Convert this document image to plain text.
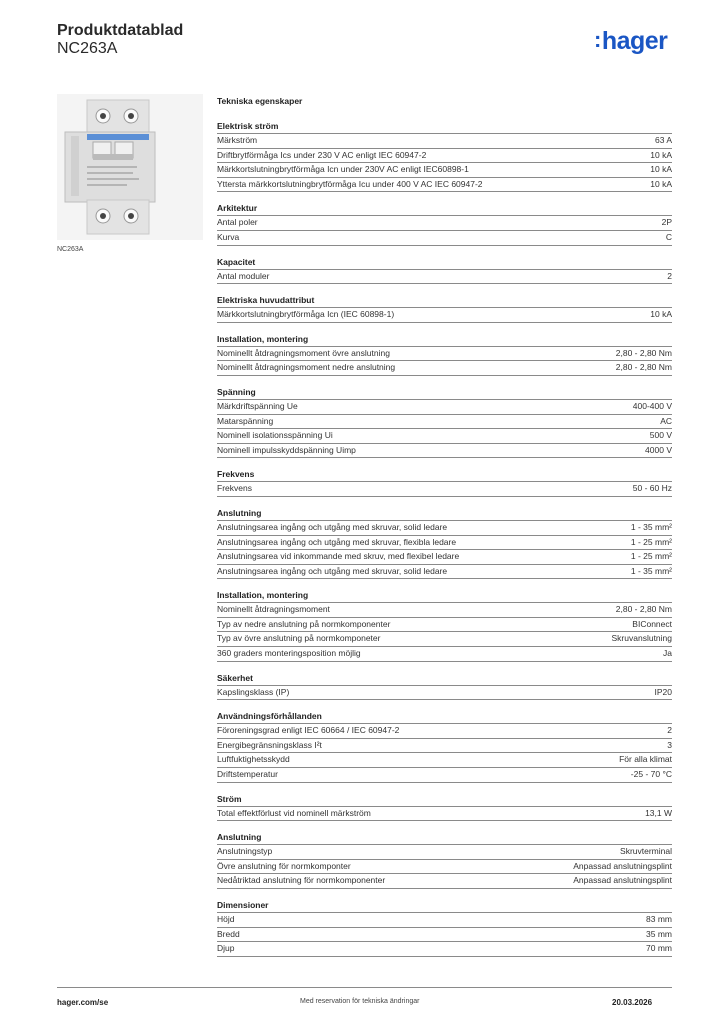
Produktdatablad
NC263A	:hager
NC263A
Tekniska egenskaper
Elektrisk ström
Märkström	63 A
Driftbrytförmåga Ics under 230 V AC enligt IEC 60947-2	10 kA
Märkkortslutningbrytförmåga Icn under 230V AC enligt IEC60898-1	10 kA
Yttersta märkkortslutningbrytförmåga Icu under 400 V AC IEC 60947-2	10 kA
Arkitektur
Antal poler	2P
Kurva	C
Kapacitet
Antal moduler	2
Elektriska huvudattribut
Märkkortslutningbrytförmåga Icn (IEC 60898-1)	10 kA
Installation, montering
Nominellt åtdragningsmoment övre anslutning	2,80 - 2,80 Nm
Nominellt åtdragningsmoment nedre anslutning	2,80 - 2,80 Nm
Spänning
Märkdriftspänning Ue	400-400 V
Matarspänning	AC
Nominell isolationsspänning Ui	500 V
Nominell impulsskyddspänning Uimp	4000 V
Frekvens
Frekvens	50 - 60 Hz
Anslutning
Anslutningsarea ingång och utgång med skruvar, solid ledare	1 - 35 mm²
Anslutningsarea ingång och utgång med skruvar, flexibla ledare	1 - 25 mm²
Anslutningsarea vid inkommande med skruv, med flexibel ledare	1 - 25 mm²
Anslutningsarea ingång och utgång med skruvar, solid ledare	1 - 35 mm²
Installation, montering
Nominellt åtdragningsmoment	2,80 - 2,80 Nm
Typ av nedre anslutning på normkomponenter	BIConnect
Typ av övre anslutning på normkomponeter	Skruvanslutning
360 graders monteringsposition möjlig	Ja
Säkerhet
Kapslingsklass (IP)	IP20
Användningsförhållanden
Föroreningsgrad enligt IEC 60664 / IEC 60947-2	2
Energibegränsningsklass I²t	3
Luftfuktighetsskydd	För alla klimat
Driftstemperatur	-25 - 70 °C
Ström
Total effektförlust vid nominell märkström	13,1 W
Anslutning
Anslutningstyp	Skruvterminal
Övre anslutning för normkomponter	Anpassad anslutningsplint
Nedåtriktad anslutning för normkomponenter	Anpassad anslutningsplint
Dimensioner
Höjd	83 mm
Bredd	35 mm
Djup	70 mm
hager.com/se	Med reservation för tekniska ändringar	20.03.2026
